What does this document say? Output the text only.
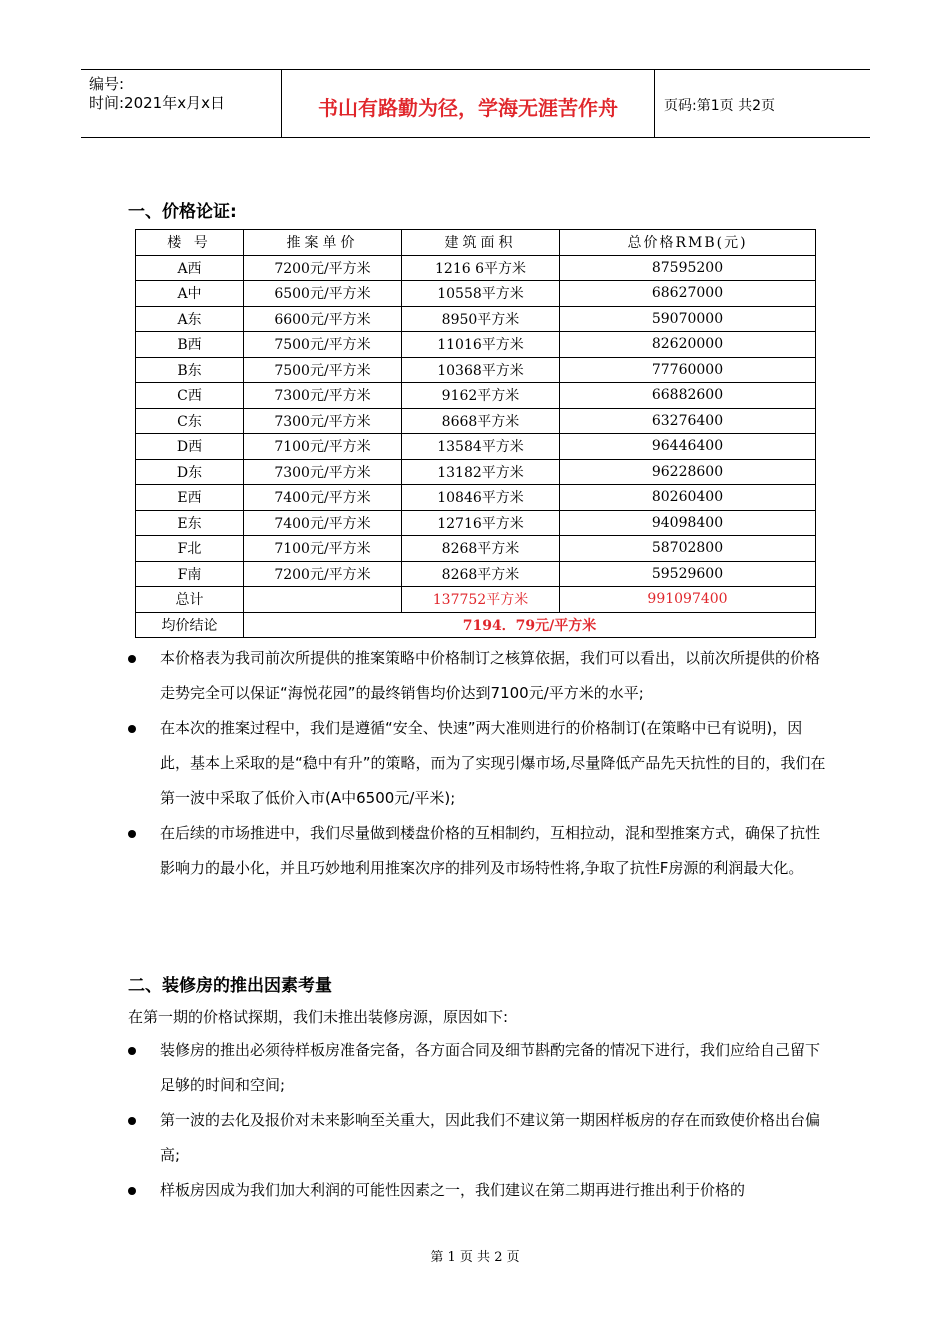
编号:
时间:2021年x月x日	书山有路勤为径，学海无涯苦作舟	页码:第1页 共2页
一、价格论证:
楼 号	推案单价	建筑面积	总价格RMB(元)
A西	7200元/平方米	1216 6平方米	87595200
A中	6500元/平方米	10558平方米	68627000
A东	6600元/平方米	8950平方米	59070000
B西	7500元/平方米	11016平方米	82620000
B东	7500元/平方米	10368平方米	77760000
C西	7300元/平方米	9162平方米	66882600
C东	7300元/平方米	8668平方米	63276400
D西	7100元/平方米	13584平方米	96446400
D东	7300元/平方米	13182平方米	96228600
E西	7400元/平方米	10846平方米	80260400
E东	7400元/平方米	12716平方米	94098400
F北	7100元/平方米	8268平方米	58702800
F南	7200元/平方米	8268平方米	59529600
总计		137752平方米	991097400
均价结论	7194．79元/平方米		
本价格表为我司前次所提供的推案策略中价格制订之核算依据，我们可以看出，以前次所提供的价格走势完全可以保证“海悦花园”的最终销售均价达到7100元/平方米的水平;
在本次的推案过程中，我们是遵循“安全、快速”两大准则进行的价格制订(在策略中已有说明)，因此，基本上采取的是“稳中有升”的策略，而为了实现引爆市场,尽量降低产品先天抗性的目的，我们在第一波中采取了低价入市(A中6500元/平米);
在后续的市场推进中，我们尽量做到楼盘价格的互相制约，互相拉动，混和型推案方式，确保了抗性影响力的最小化，并且巧妙地利用推案次序的排列及市场特性将,争取了抗性F房源的利润最大化。
二、装修房的推出因素考量
在第一期的价格试探期，我们未推出装修房源，原因如下:
装修房的推出必须待样板房准备完备，各方面合同及细节斟酌完备的情况下进行，我们应给自己留下足够的时间和空间;
第一波的去化及报价对未来影响至关重大，因此我们不建议第一期困样板房的存在而致使价格出台偏高;
样板房因成为我们加大利润的可能性因素之一，我们建议在第二期再进行推出利于价格的
第 1 页 共 2 页
